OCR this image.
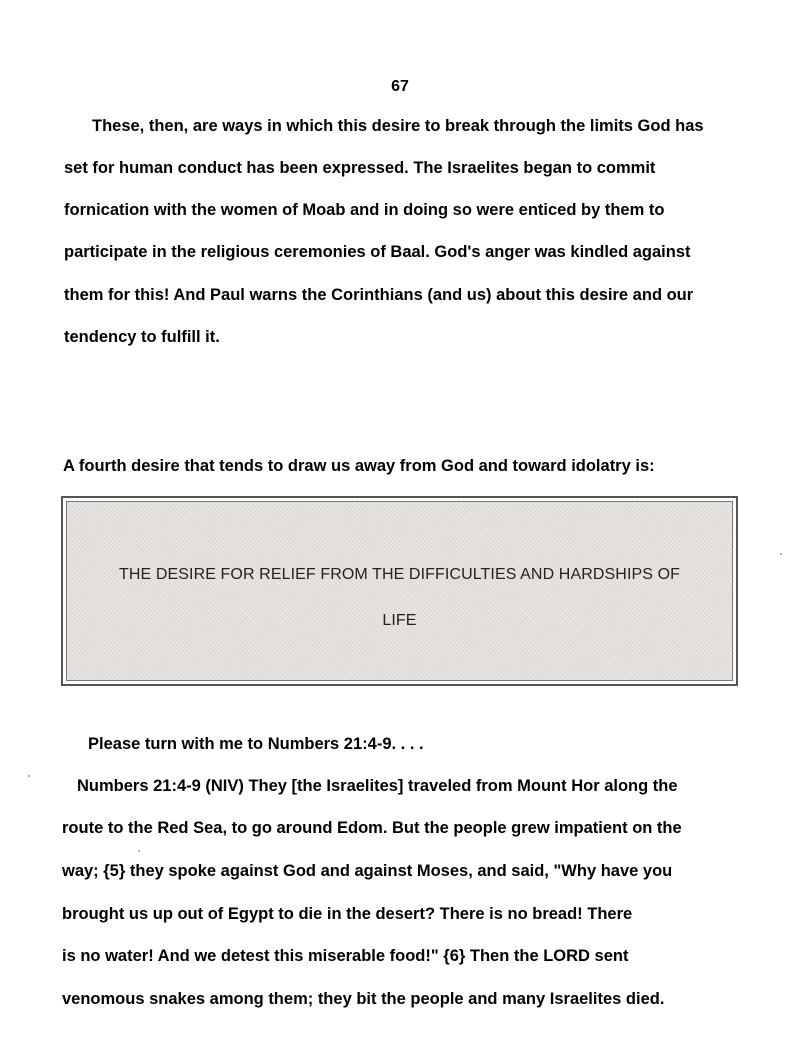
67
These, then, are ways in which this desire to break through the limits God has
set for human conduct has been expressed. The Israelites began to commit
fornication with the women of Moab and in doing so were enticed by them to
participate in the religious ceremonies of Baal. God's anger was kindled against
them for this! And Paul warns the Corinthians (and us) about this desire and our
tendency to fulfill it.
A fourth desire that tends to draw us away from God and toward idolatry is:
THE DESIRE FOR RELIEF FROM THE DIFFICULTIES AND HARDSHIPS OF
LIFE
Please turn with me to Numbers 21:4-9. . . .
Numbers 21:4-9 (NIV) They [the Israelites] traveled from Mount Hor along the
route to the Red Sea, to go around Edom. But the people grew impatient on the
way; {5} they spoke against God and against Moses, and said, "Why have you
brought us up out of Egypt to die in the desert? There is no bread! There
is no water! And we detest this miserable food!" {6} Then the LORD sent
venomous snakes among them; they bit the people and many Israelites died.
